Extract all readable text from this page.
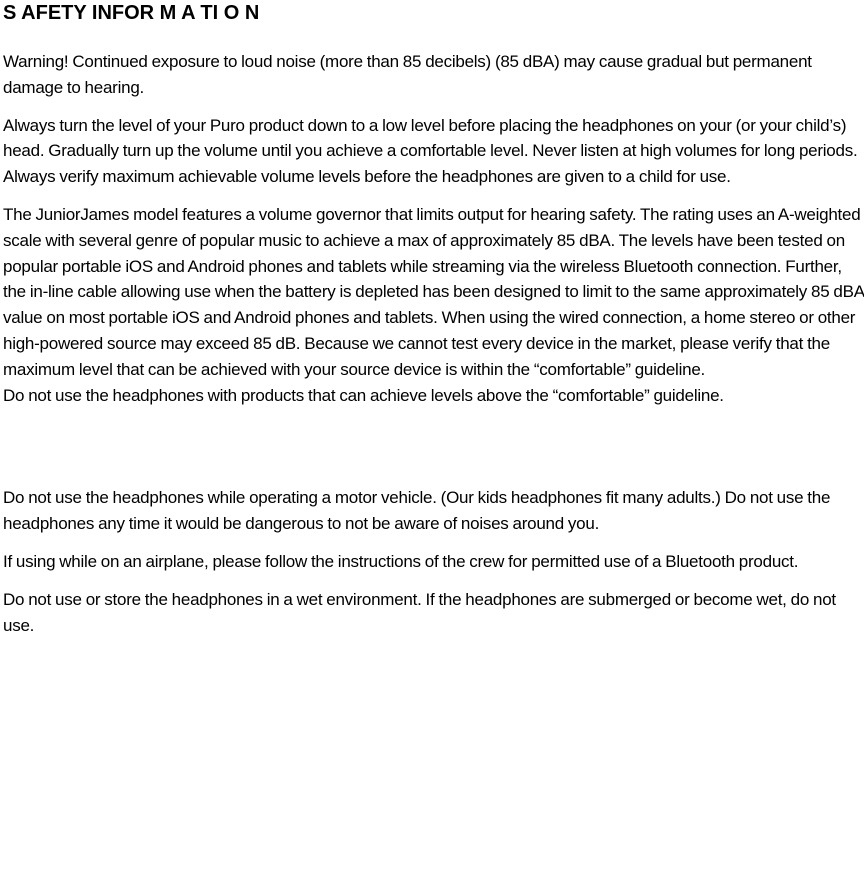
S AFETY INFOR M A TI O N

Warning! Continued exposure to loud noise (more than 85 decibels) (85 dBA) may cause gradual but permanent damage to hearing.

Always turn the level of your Puro product down to a low level before placing the headphones on your (or your child’s) head. Gradually turn up the volume until you achieve a comfortable level. Never listen at high volumes for long periods. Always verify maximum achievable volume levels before the headphones are given to a child for use.

The JuniorJames model features a volume governor that limits output for hearing safety. The rating uses an A-weighted scale with several genre of popular music to achieve a max of approximately 85 dBA. The levels have been tested on popular portable iOS and Android phones and tablets while streaming via the wireless Bluetooth connection. Further, the in-line cable allowing use when the battery is depleted has been designed to limit to the same approximately 85 dBA value on most portable iOS and Android phones and tablets. When using the wired connection, a home stereo or other high-powered source may exceed 85 dB. Because we cannot test every device in the market, please verify that the maximum level that can be achieved with your source device is within the “comfortable” guideline.

Do not use the headphones with products that can achieve levels above the “comfortable” guideline.

Do not use the headphones while operating a motor vehicle. (Our kids headphones fit many adults.) Do not use the headphones any time it would be dangerous to not be aware of noises around you.

If using while on an airplane, please follow the instructions of the crew for permitted use of a Bluetooth product.

Do not use or store the headphones in a wet environment. If the headphones are submerged or become wet, do not use.
